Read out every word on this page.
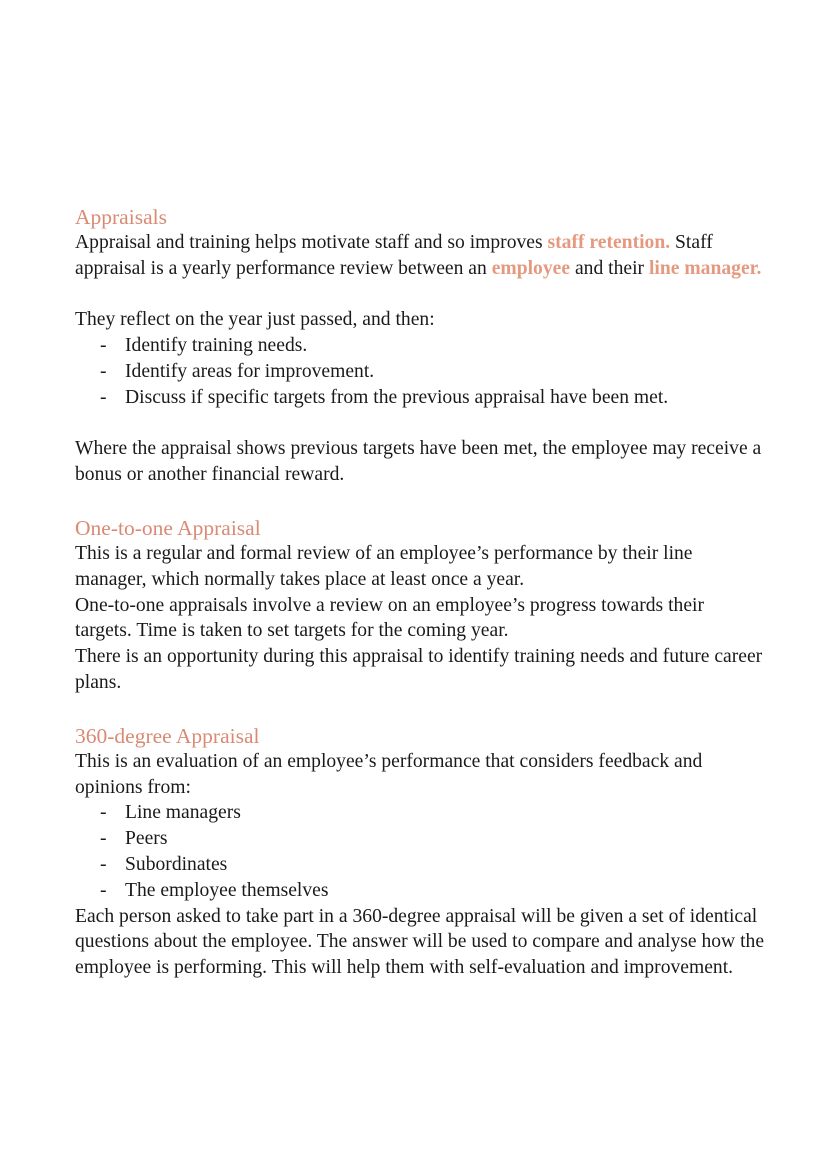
Appraisals

Appraisal and training helps motivate staff and so improves staff retention. Staff appraisal is a yearly performance review between an employee and their line manager.

They reflect on the year just passed, and then:

- Identify training needs.
- Identify areas for improvement.
- Discuss if specific targets from the previous appraisal have been met.

Where the appraisal shows previous targets have been met, the employee may receive a bonus or another financial reward.

One-to-one Appraisal

This is a regular and formal review of an employee’s performance by their line manager, which normally takes place at least once a year.

One-to-one appraisals involve a review on an employee’s progress towards their targets. Time is taken to set targets for the coming year.

There is an opportunity during this appraisal to identify training needs and future career plans.

360-degree Appraisal

This is an evaluation of an employee’s performance that considers feedback and opinions from:

- Line managers
- Peers
- Subordinates
- The employee themselves

Each person asked to take part in a 360-degree appraisal will be given a set of identical questions about the employee. The answer will be used to compare and analyse how the employee is performing. This will help them with self-evaluation and improvement.
